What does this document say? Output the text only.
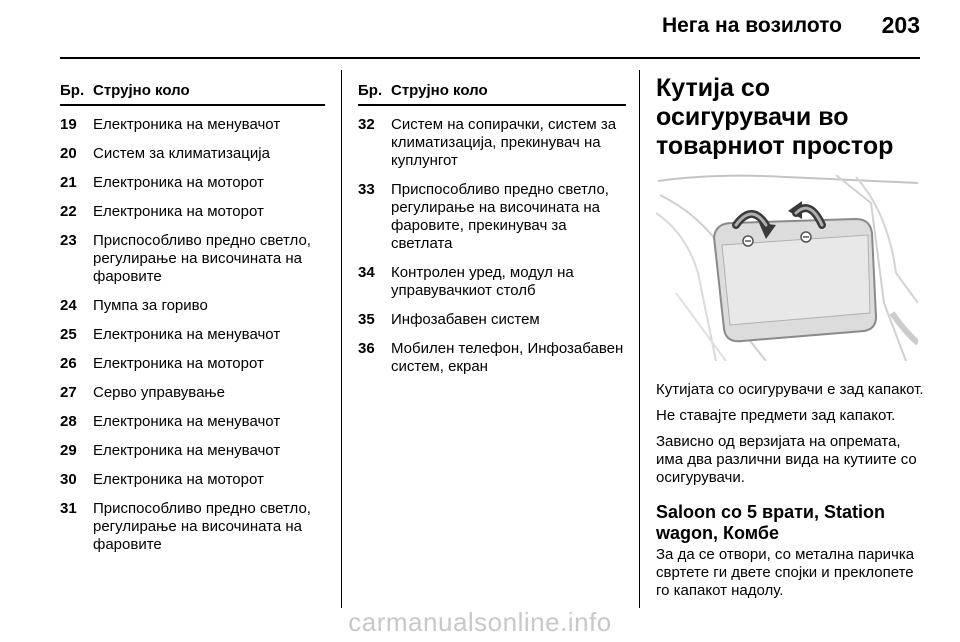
Нега на возилото 203
Бр. Струјно коло
19	Електроника на менувачот
20	Систем за климатизација
21	Електроника на моторот
22	Електроника на моторот
23	Приспособливо предно светло, регулирање на височината на фаровите
24	Пумпа за гориво
25	Електроника на менувачот
26	Електроника на моторот
27	Серво управување
28	Електроника на менувачот
29	Електроника на менувачот
30	Електроника на моторот
31	Приспособливо предно светло, регулирање на височината на фаровите
Бр. Струјно коло
32	Систем на сопирачки, систем за климатизација, прекинувач на куплунгот
33	Приспособливо предно светло, регулирање на височината на фаровите, прекинувач за светлата
34	Контролен уред, модул на управувачкиот столб
35	Инфозабавен систем
36	Мобилен телефон, Инфозабавен систем, екран
Кутија со осигурувачи во товарниот простор
Кутијата со осигурувачи е зад капакот.
Не ставајте предмети зад капакот.
Зависно од верзијата на опремата, има два различни вида на кутиите со осигурувачи.
Saloon со 5 врати, Station wagon, Комбе
За да се отвори, со метална паричка свртете ги двете спојки и преклопете го капакот надолу.
carmanualsonline.info
